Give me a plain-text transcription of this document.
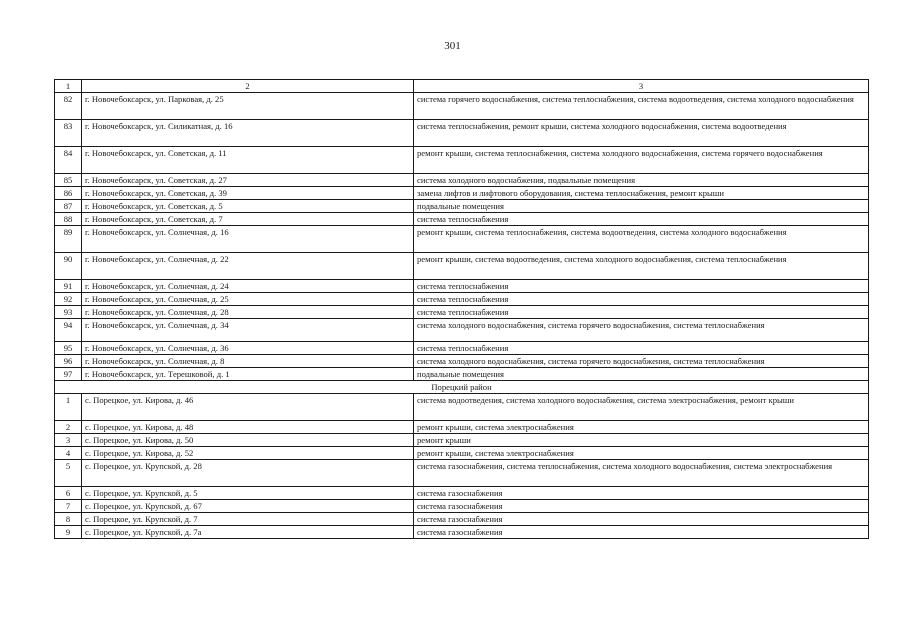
301
1	2	3
82	г. Новочебоксарск, ул. Парковая, д. 25	система горячего водоснабжения, система теплоснабжения, система водоотведения, система холодного водоснабжения
83	г. Новочебоксарск, ул. Силикатная, д. 16	система теплоснабжения, ремонт крыши, система холодного водоснабжения, система водоотведения
84	г. Новочебоксарск, ул. Советская, д. 11	ремонт крыши, система теплоснабжения, система холодного водоснабжения, система горячего водоснабжения
85	г. Новочебоксарск, ул. Советская, д. 27	система холодного водоснабжения, подвальные помещения
86	г. Новочебоксарск, ул. Советская, д. 39	замена лифтов и лифтового оборудования, система теплоснабжения, ремонт крыши
87	г. Новочебоксарск, ул. Советская, д. 5	подвальные помещения
88	г. Новочебоксарск, ул. Советская, д. 7	система теплоснабжения
89	г. Новочебоксарск, ул. Солнечная, д. 16	ремонт крыши, система теплоснабжения, система водоотведения, система холодного водоснабжения
90	г. Новочебоксарск, ул. Солнечная, д. 22	ремонт крыши, система водоотведения, система холодного водоснабжения, система теплоснабжения
91	г. Новочебоксарск, ул. Солнечная, д. 24	система теплоснабжения
92	г. Новочебоксарск, ул. Солнечная, д. 25	система теплоснабжения
93	г. Новочебоксарск, ул. Солнечная, д. 28	система теплоснабжения
94	г. Новочебоксарск, ул. Солнечная, д. 34	система холодного водоснабжения, система горячего водоснабжения, система теплоснабжения
95	г. Новочебоксарск, ул. Солнечная, д. 36	система теплоснабжения
96	г. Новочебоксарск, ул. Солнечная, д. 8	система холодного водоснабжения, система горячего водоснабжения, система теплоснабжения
97	г. Новочебоксарск, ул. Терешковой, д. 1	подвальные помещения
Порецкий район		
1	с. Порецкое, ул. Кирова, д. 46	система водоотведения, система холодного водоснабжения, система электроснабжения, ремонт крыши
2	с. Порецкое, ул. Кирова, д. 48	ремонт крыши, система электроснабжения
3	с. Порецкое, ул. Кирова, д. 50	ремонт крыши
4	с. Порецкое, ул. Кирова, д. 52	ремонт крыши, система электроснабжения
5	с. Порецкое, ул. Крупской, д. 28	система газоснабжения, система теплоснабжения, система холодного водоснабжения, система электроснабжения
6	с. Порецкое, ул. Крупской, д. 5	система газоснабжения
7	с. Порецкое, ул. Крупской, д. 67	система газоснабжения
8	с. Порецкое, ул. Крупской, д. 7	система газоснабжения
9	с. Порецкое, ул. Крупской, д. 7а	система газоснабжения
